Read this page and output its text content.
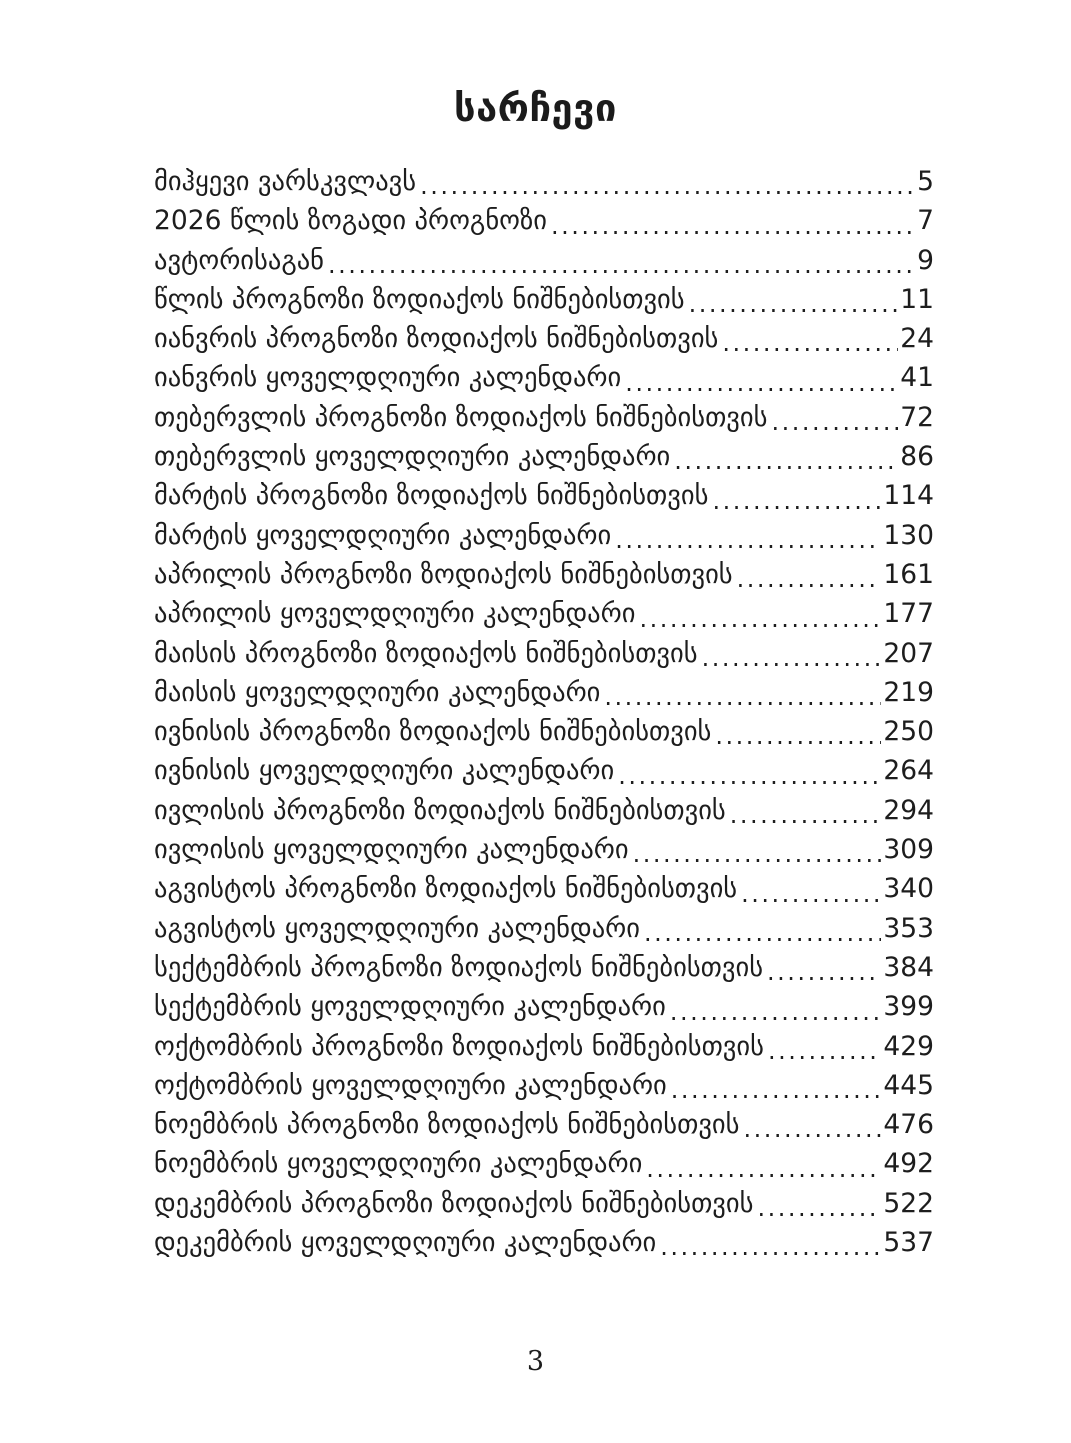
სარჩევი
მიჰყევი ვარსკვლავს .....	5
2026 წლის ზოგადი პროგნოზი .....	7
ავტორისაგან .....	9
წლის პროგნოზი ზოდიაქოს ნიშნებისთვის .....	11
იანვრის პროგნოზი ზოდიაქოს ნიშნებისთვის .....	24
იანვრის ყოველდღიური კალენდარი .....	41
თებერვლის პროგნოზი ზოდიაქოს ნიშნებისთვის .....	72
თებერვლის ყოველდღიური კალენდარი .....	86
მარტის პროგნოზი ზოდიაქოს ნიშნებისთვის .....	114
მარტის ყოველდღიური კალენდარი .....	130
აპრილის პროგნოზი ზოდიაქოს ნიშნებისთვის .....	161
აპრილის ყოველდღიური კალენდარი .....	177
მაისის პროგნოზი ზოდიაქოს ნიშნებისთვის .....	207
მაისის ყოველდღიური კალენდარი .....	219
ივნისის პროგნოზი ზოდიაქოს ნიშნებისთვის .....	250
ივნისის ყოველდღიური კალენდარი .....	264
ივლისის პროგნოზი ზოდიაქოს ნიშნებისთვის .....	294
ივლისის ყოველდღიური კალენდარი .....	309
აგვისტოს პროგნოზი ზოდიაქოს ნიშნებისთვის .....	340
აგვისტოს ყოველდღიური კალენდარი .....	353
სექტემბრის პროგნოზი ზოდიაქოს ნიშნებისთვის .....	384
სექტემბრის ყოველდღიური კალენდარი .....	399
ოქტომბრის პროგნოზი ზოდიაქოს ნიშნებისთვის .....	429
ოქტომბრის ყოველდღიური კალენდარი .....	445
ნოემბრის პროგნოზი ზოდიაქოს ნიშნებისთვის .....	476
ნოემბრის ყოველდღიური კალენდარი .....	492
დეკემბრის პროგნოზი ზოდიაქოს ნიშნებისთვის .....	522
დეკემბრის ყოველდღიური კალენდარი .....	537
3
